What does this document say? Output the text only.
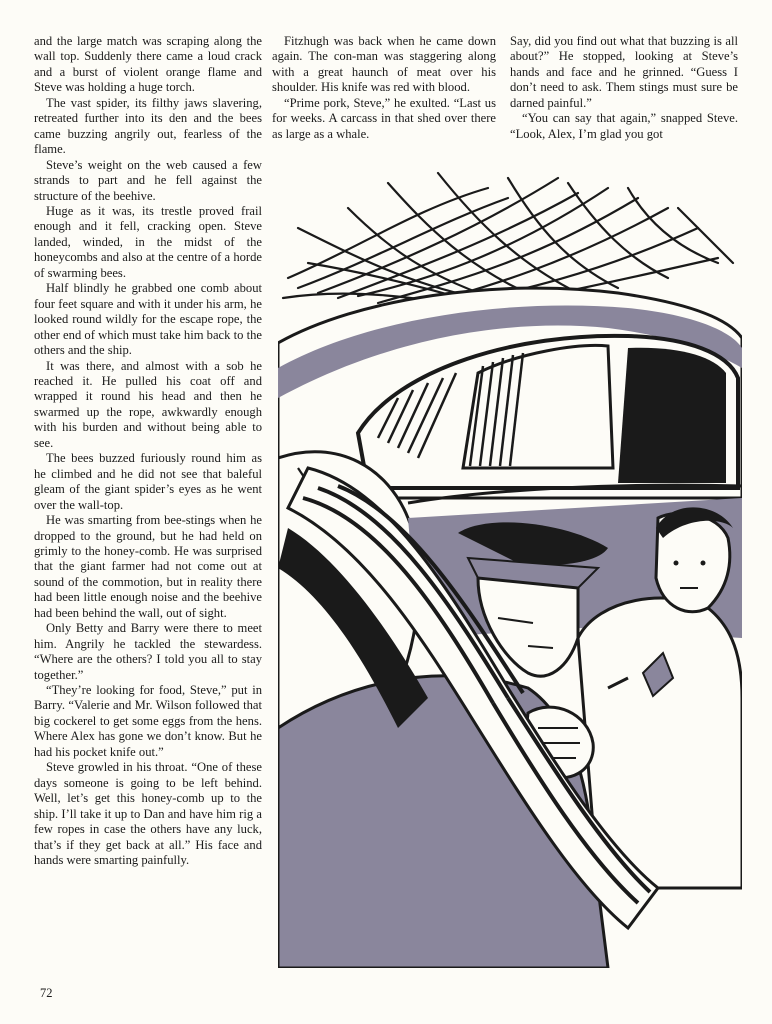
and the large match was scraping along the wall top. Suddenly there came a loud crack and a burst of violent orange flame and Steve was holding a huge torch.

The vast spider, its filthy jaws slavering, retreated further into its den and the bees came buzzing angrily out, fearless of the flame.

Steve’s weight on the web caused a few strands to part and he fell against the structure of the beehive.

Huge as it was, its trestle proved frail enough and it fell, cracking open. Steve landed, winded, in the midst of the honeycombs and also at the centre of a horde of swarming bees.

Half blindly he grabbed one comb about four feet square and with it under his arm, he looked round wildly for the escape rope, the other end of which must take him back to the others and the ship.

It was there, and almost with a sob he reached it. He pulled his coat off and wrapped it round his head and then he swarmed up the rope, awkwardly enough with his burden and without being able to see.

The bees buzzed furiously round him as he climbed and he did not see that baleful gleam of the giant spider’s eyes as he went over the wall-top.

He was smarting from bee-stings when he dropped to the ground, but he had held on grimly to the honey-comb. He was surprised that the giant farmer had not come out at sound of the commotion, but in reality there had been little enough noise and the beehive had been behind the wall, out of sight.

Only Betty and Barry were there to meet him. Angrily he tackled the stewardess. “Where are the others? I told you all to stay together.”

“They’re looking for food, Steve,” put in Barry. “Valerie and Mr. Wilson followed that big cockerel to get some eggs from the hens. Where Alex has gone we don’t know. But he had his pocket knife out.”

Steve growled in his throat. “One of these days someone is going to be left behind. Well, let’s get this honey-comb up to the ship. I’ll take it up to Dan and have him rig a few ropes in case the others have any luck, that’s if they get back at all.” His face and hands were smarting painfully.

Fitzhugh was back when he came down again. The con-man was staggering along with a great haunch of meat over his shoulder. His knife was red with blood.

“Prime pork, Steve,” he exulted. “Last us for weeks. A carcass in that shed over there as large as a whale.

Say, did you find out what that buzzing is all about?” He stopped, looking at Steve’s hands and face and he grinned. “Guess I don’t need to ask. Them stings must sure be darned painful.”

“You can say that again,” snapped Steve. “Look, Alex, I’m glad you got

72
